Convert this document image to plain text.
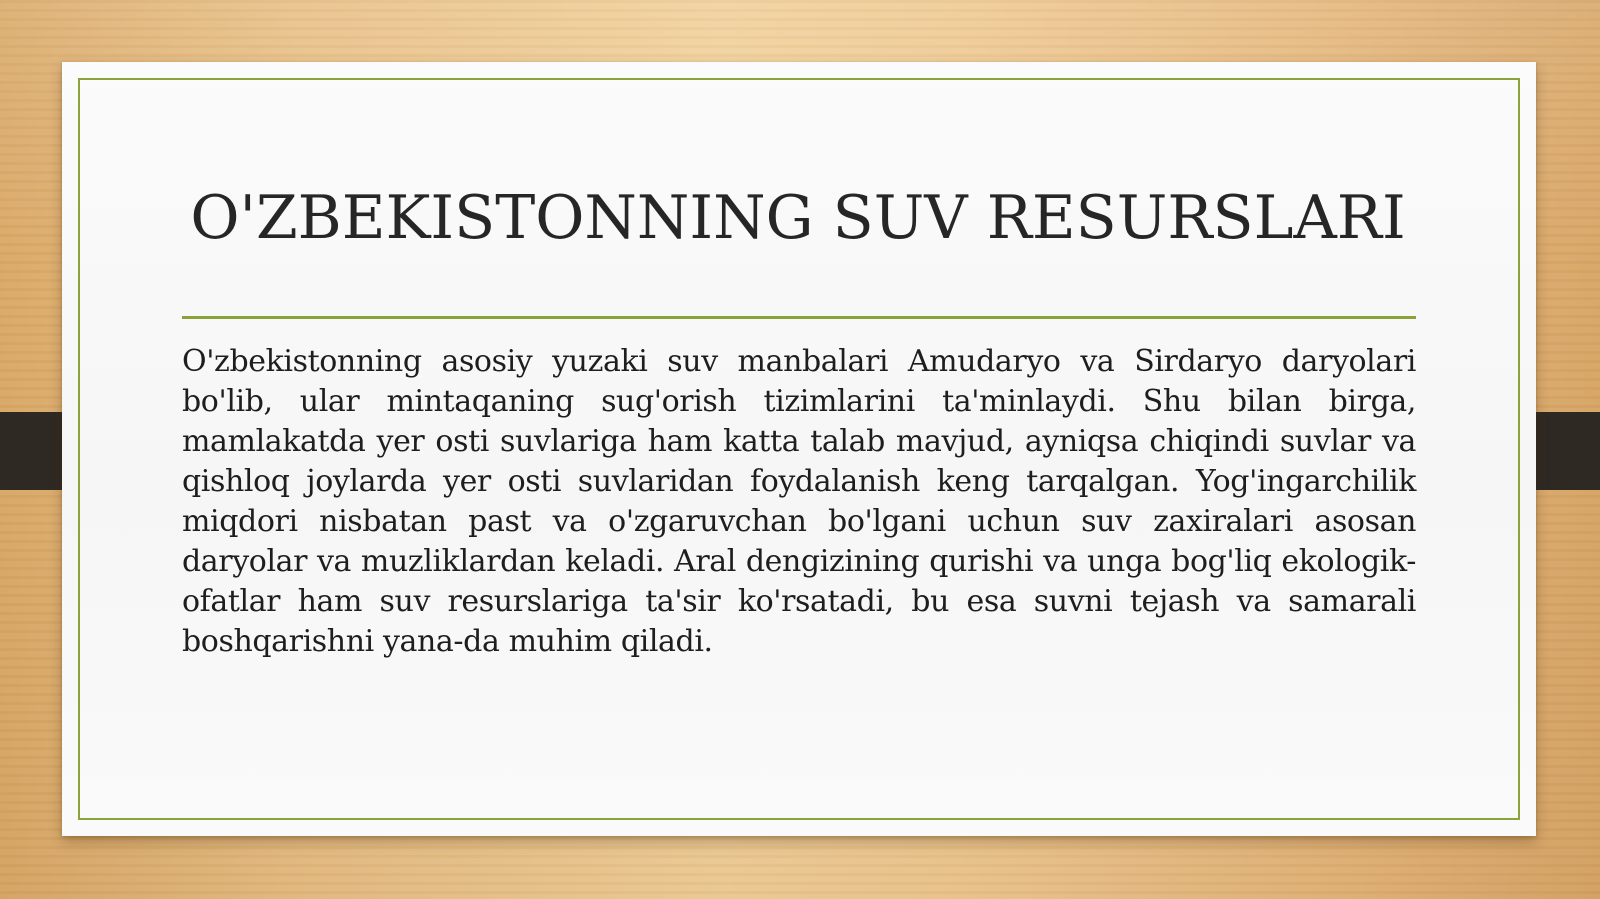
O'ZBEKISTONNING SUV RESURSLARI

O'zbekistonning asosiy yuzaki suv manbalari Amudaryo va Sirdaryo daryolari bo'lib, ular mintaqaning sug'orish tizimlarini ta'minlaydi. Shu bilan birga, mamlakatda yer osti suvlariga ham katta talab mavjud, ayniqsa chiqindi suvlar va qishloq joylarda yer osti suvlaridan foydalanish keng tarqalgan. Yog'ingarchilik miqdori nisbatan past va o'zgaruvchan bo'lgani uchun suv zaxiralari asosan daryolar va muzliklardan keladi. Aral dengizining qurishi va unga bog'liq ekologik-ofatlar ham suv resurslariga ta'sir ko'rsatadi, bu esa suvni tejash va samarali boshqarishni yana-da muhim qiladi.
